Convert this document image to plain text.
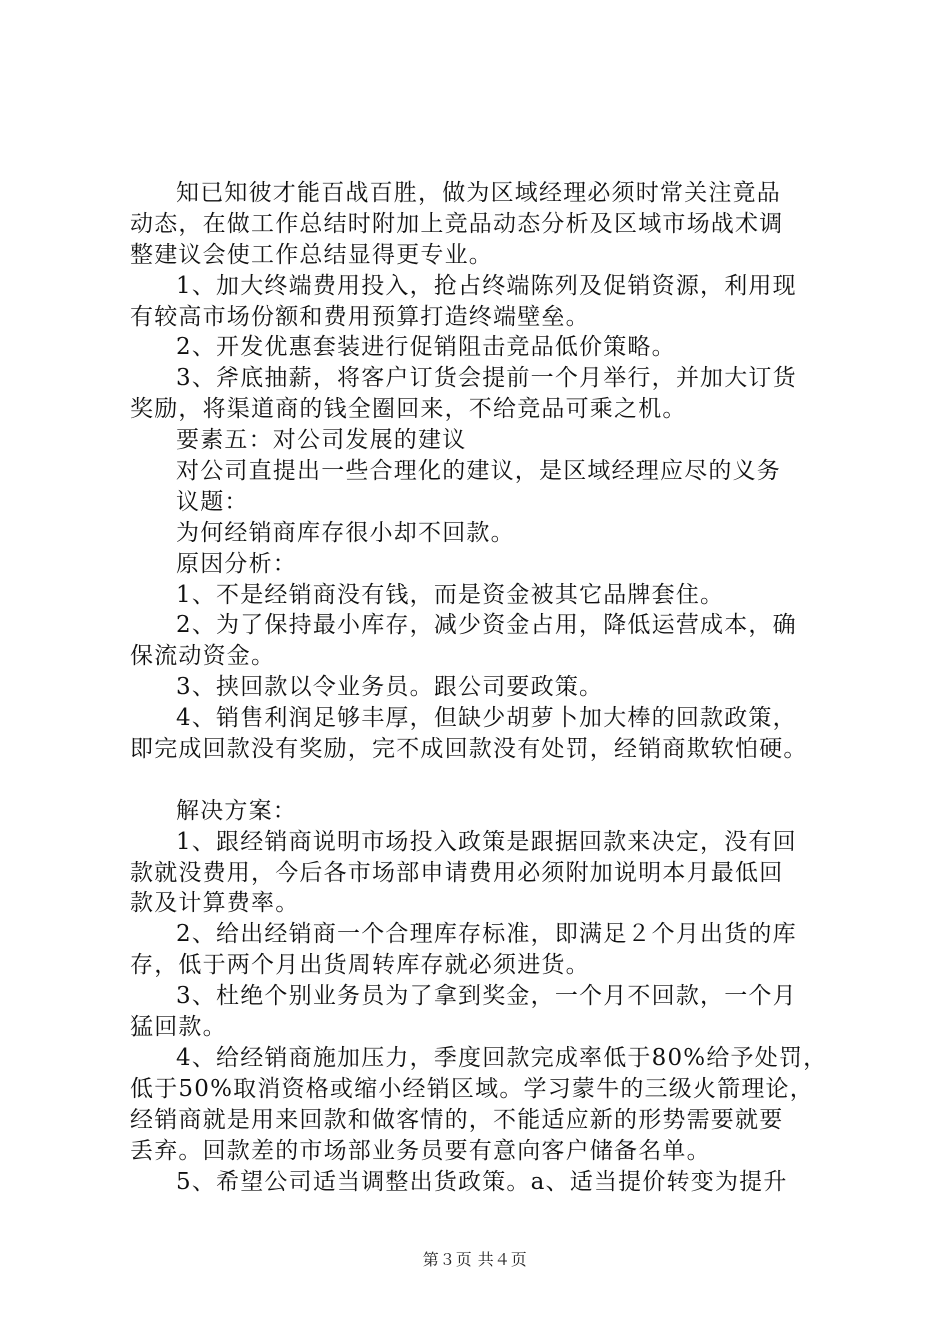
知已知彼才能百战百胜，做为区域经理必须时常关注竟品
动态，在做工作总结时附加上竞品动态分析及区域市场战术调
整建议会使工作总结显得更专业。
1、加大终端费用投入，抢占终端陈列及促销资源，利用现
有较高市场份额和费用预算打造终端壁垒。
2、开发优惠套装进行促销阻击竞品低价策略。
3、斧底抽薪，将客户订货会提前一个月举行，并加大订货
奖励，将渠道商的钱全圈回来，不给竞品可乘之机。
要素五：对公司发展的建议
对公司直提出一些合理化的建议，是区域经理应尽的义务
议题：
为何经销商库存很小却不回款。
原因分析：
1、不是经销商没有钱，而是资金被其它品牌套住。
2、为了保持最小库存，减少资金占用，降低运营成本，确
保流动资金。
3、挟回款以令业务员。跟公司要政策。
4、销售利润足够丰厚，但缺少胡萝卜加大棒的回款政策，
即完成回款没有奖励，完不成回款没有处罚，经销商欺软怕硬。
解决方案：
1、跟经销商说明市场投入政策是跟据回款来决定，没有回
款就没费用，今后各市场部申请费用必须附加说明本月最低回
款及计算费率。
2、给出经销商一个合理库存标准，即满足２个月出货的库
存，低于两个月出货周转库存就必须进货。
3、杜绝个别业务员为了拿到奖金，一个月不回款，一个月
猛回款。
4、给经销商施加压力，季度回款完成率低于80%给予处罚，
低于50%取消资格或缩小经销区域。学习蒙牛的三级火箭理论，
经销商就是用来回款和做客情的，不能适应新的形势需要就要
丢弃。回款差的市场部业务员要有意向客户储备名单。
5、希望公司适当调整出货政策。a、适当提价转变为提升
第３页 共４页
